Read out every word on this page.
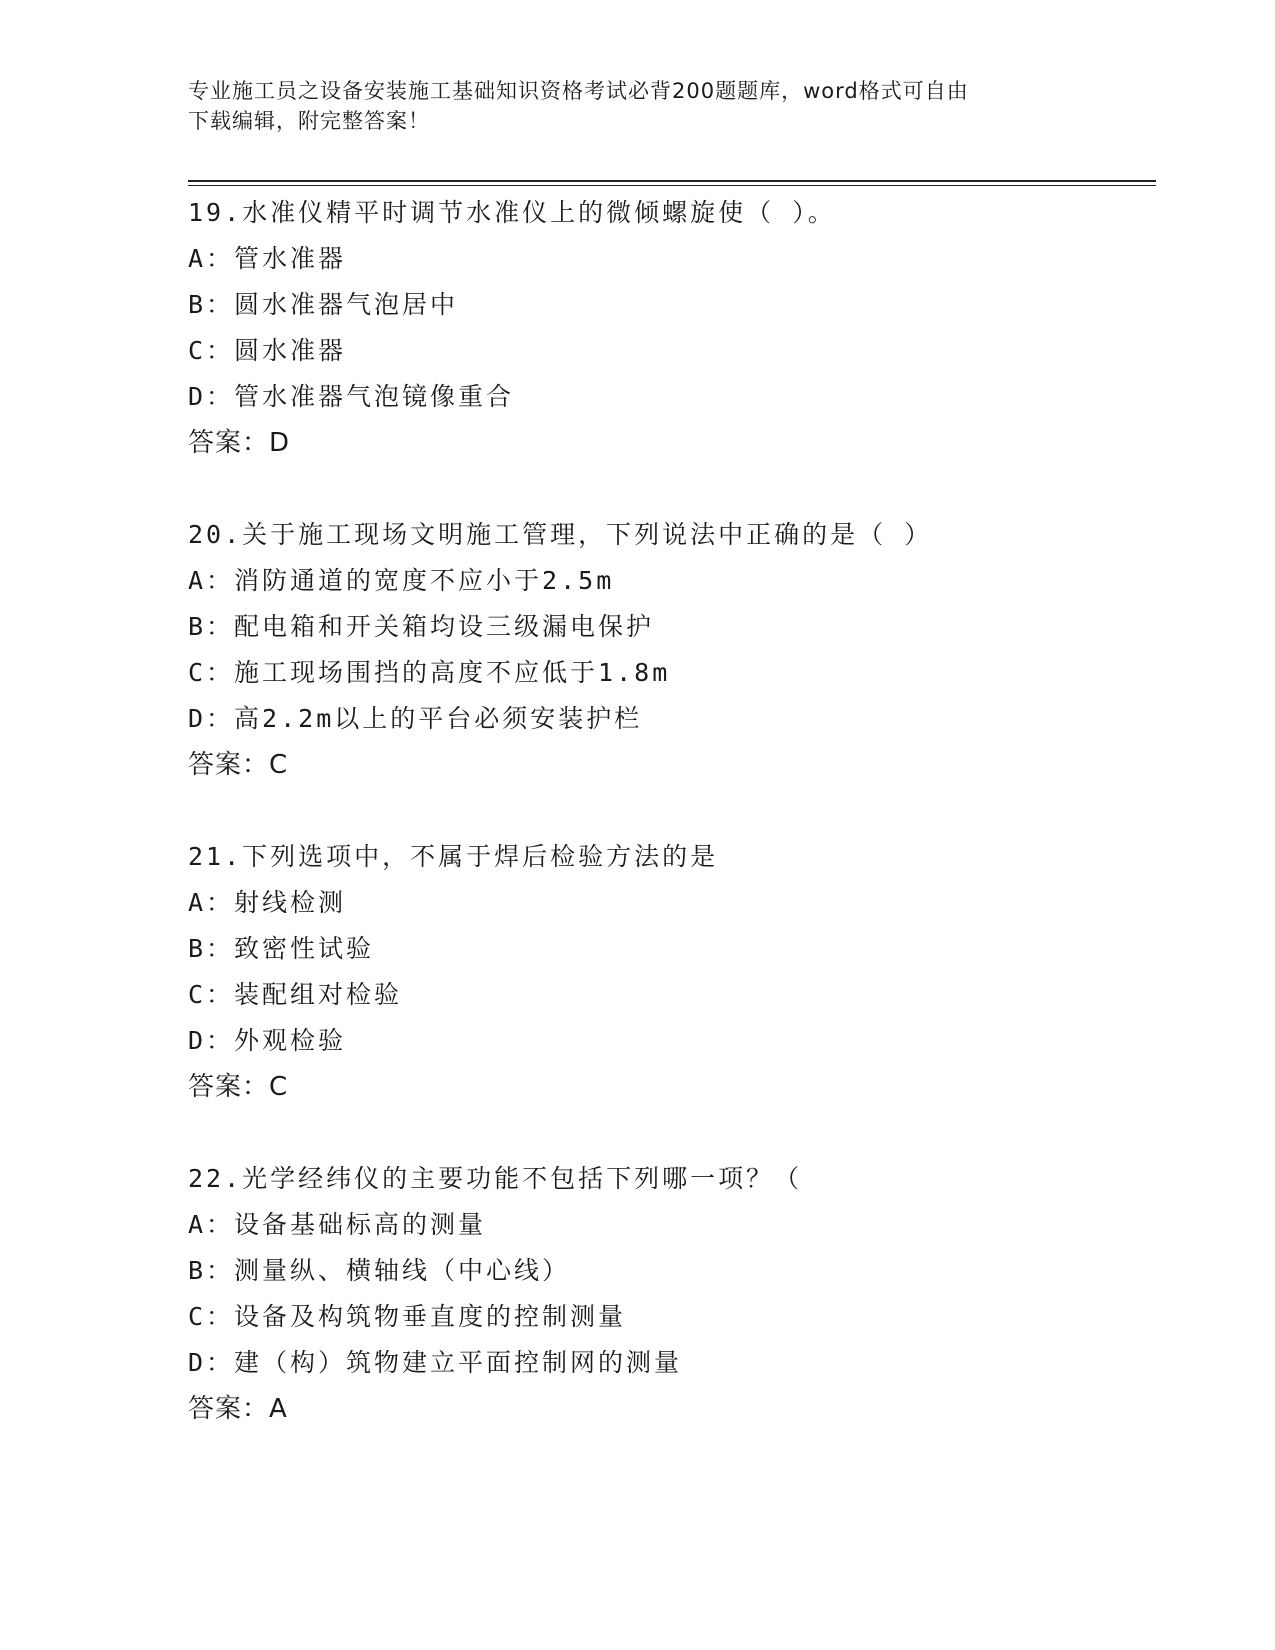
专业施工员之设备安装施工基础知识资格考试必背200题题库，word格式可自由
下载编辑，附完整答案！
19.水准仪精平时调节水准仪上的微倾螺旋使（ ）。
A：管水准器
B：圆水准器气泡居中
C：圆水准器
D：管水准器气泡镜像重合
答案：D
20.关于施工现场文明施工管理，下列说法中正确的是（ ）
A：消防通道的宽度不应小于2.5m
B：配电箱和开关箱均设三级漏电保护
C：施工现场围挡的高度不应低于1.8m
D：高2.2m以上的平台必须安装护栏
答案：C
21.下列选项中，不属于焊后检验方法的是
A：射线检测
B：致密性试验
C：装配组对检验
D：外观检验
答案：C
22.光学经纬仪的主要功能不包括下列哪一项？（
A：设备基础标高的测量
B：测量纵、横轴线（中心线）
C：设备及构筑物垂直度的控制测量
D：建（构）筑物建立平面控制网的测量
答案：A
